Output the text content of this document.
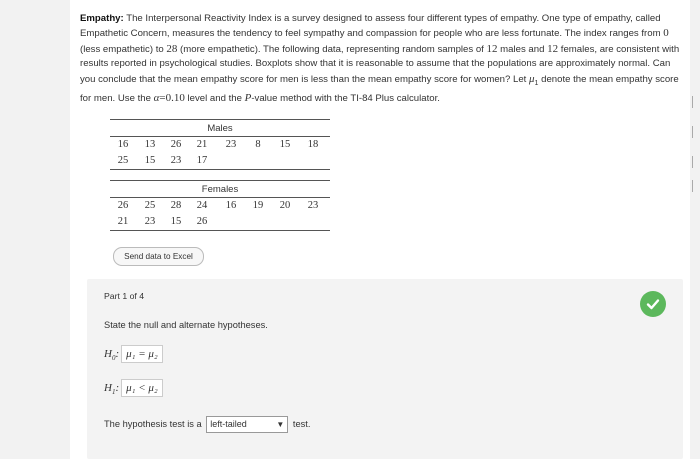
Empathy: The Interpersonal Reactivity Index is a survey designed to assess four different types of empathy. One type of empathy, called Empathetic Concern, measures the tendency to feel sympathy and compassion for people who are less fortunate. The index ranges from 0 (less empathetic) to 28 (more empathetic). The following data, representing random samples of 12 males and 12 females, are consistent with results reported in psychological studies. Boxplots show that it is reasonable to assume that the populations are approximately normal. Can you conclude that the mean empathy score for men is less than the mean empathy score for women? Let $\mu_1$ denote the mean empathy score for men. Use the α=0.10 level and the P-value method with the TI-84 Plus calculator.
Males
16	13	26	21	23	8	15	18
25	15	23	17
Females
26	25	28	24	16	19	20	23
21	23	15	26
Send data to Excel
Part 1 of 4
State the null and alternate hypotheses.
$H_0$: μ₁ = μ₂
$H_1$: μ₁ < μ₂
The hypothesis test is a left-tailed	▼ test.
